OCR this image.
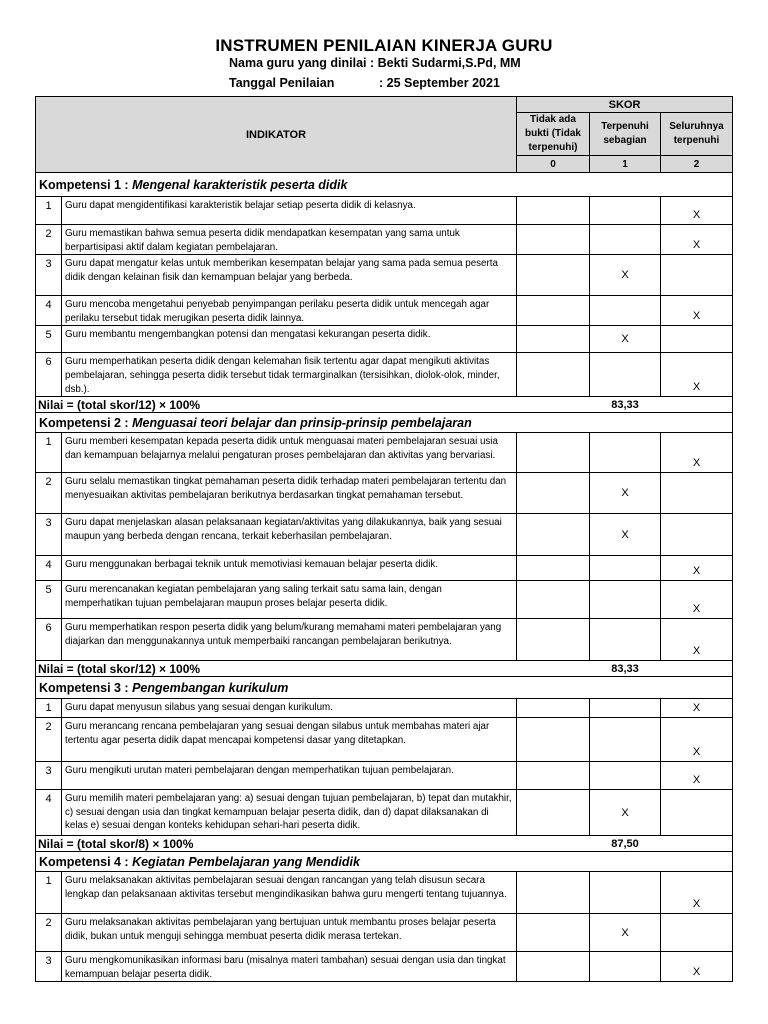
INSTRUMEN PENILAIAN KINERJA GURU
Nama guru yang dinilai : Bekti Sudarmi,S.Pd, MM
Tanggal Penilaian	: 25 September 2021
INDIKATOR		SKOR		
		Tidak ada bukti (Tidak terpenuhi)	Terpenuhi sebagian	Seluruhnya terpenuhi
		0	1	2
Kompetensi 1 : Mengenal karakteristik peserta didik				
1	Guru dapat mengidentifikasi karakteristik belajar setiap peserta didik di kelasnya.			X
2	Guru memastikan bahwa semua peserta didik mendapatkan kesempatan yang sama untuk berpartisipasi aktif dalam kegiatan pembelajaran.			X
3	Guru dapat mengatur kelas untuk memberikan kesempatan belajar yang sama pada semua peserta didik dengan kelainan fisik dan kemampuan belajar yang berbeda.		X	
4	Guru mencoba mengetahui penyebab penyimpangan perilaku peserta didik untuk mencegah agar perilaku tersebut tidak merugikan peserta didik lainnya.			X
5	Guru membantu mengembangkan potensi dan mengatasi kekurangan peserta didik.		X	
6	Guru memperhatikan peserta didik dengan kelemahan fisik tertentu agar dapat mengikuti aktivitas pembelajaran, sehingga peserta didik tersebut tidak termarginalkan (tersisihkan, diolok-olok, minder, dsb.).			X
Nilai = (total skor/12) × 100%			83,33	
Kompetensi 2 : Menguasai teori belajar dan prinsip-prinsip pembelajaran				
1	Guru memberi kesempatan kepada peserta didik untuk menguasai materi pembelajaran sesuai usia dan kemampuan belajarnya melalui pengaturan proses pembelajaran dan aktivitas yang bervariasi.			X
2	Guru selalu memastikan tingkat pemahaman peserta didik terhadap materi pembelajaran tertentu dan menyesuaikan aktivitas pembelajaran berikutnya berdasarkan tingkat pemahaman tersebut.		X	
3	Guru dapat menjelaskan alasan pelaksanaan kegiatan/aktivitas yang dilakukannya, baik yang sesuai maupun yang berbeda dengan rencana, terkait keberhasilan pembelajaran.		X	
4	Guru menggunakan berbagai teknik untuk memotiviasi kemauan belajar peserta didik.			X
5	Guru merencanakan kegiatan pembelajaran yang saling terkait satu sama lain, dengan memperhatikan tujuan pembelajaran maupun proses belajar peserta didik.			X
6	Guru memperhatikan respon peserta didik yang belum/kurang memahami materi pembelajaran yang diajarkan dan menggunakannya untuk memperbaiki rancangan pembelajaran berikutnya.			X
Nilai = (total skor/12) × 100%			83,33	
Kompetensi 3 : Pengembangan kurikulum				
1	Guru dapat menyusun silabus yang sesuai dengan kurikulum.			X
2	Guru merancang rencana pembelajaran yang sesuai dengan silabus untuk membahas materi ajar tertentu agar peserta didik dapat mencapai kompetensi dasar yang ditetapkan.			X
3	Guru mengikuti urutan materi pembelajaran dengan memperhatikan tujuan pembelajaran.			X
4	Guru memilih materi pembelajaran yang: a) sesuai dengan tujuan pembelajaran, b) tepat dan mutakhir, c) sesuai dengan usia dan tingkat kemampuan belajar peserta didik, dan d) dapat dilaksanakan di kelas e) sesuai dengan konteks kehidupan sehari-hari peserta didik.		X	
Nilai = (total skor/8) × 100%			87,50	
Kompetensi 4 : Kegiatan Pembelajaran yang Mendidik				
1	Guru melaksanakan aktivitas pembelajaran sesuai dengan rancangan yang telah disusun secara lengkap dan pelaksanaan aktivitas tersebut mengindikasikan bahwa guru mengerti tentang tujuannya.			X
2	Guru melaksanakan aktivitas pembelajaran yang bertujuan untuk membantu proses belajar peserta didik, bukan untuk menguji sehingga membuat peserta didik merasa tertekan.		X	
3	Guru mengkomunikasikan informasi baru (misalnya materi tambahan) sesuai dengan usia dan tingkat kemampuan belajar peserta didik.			X
